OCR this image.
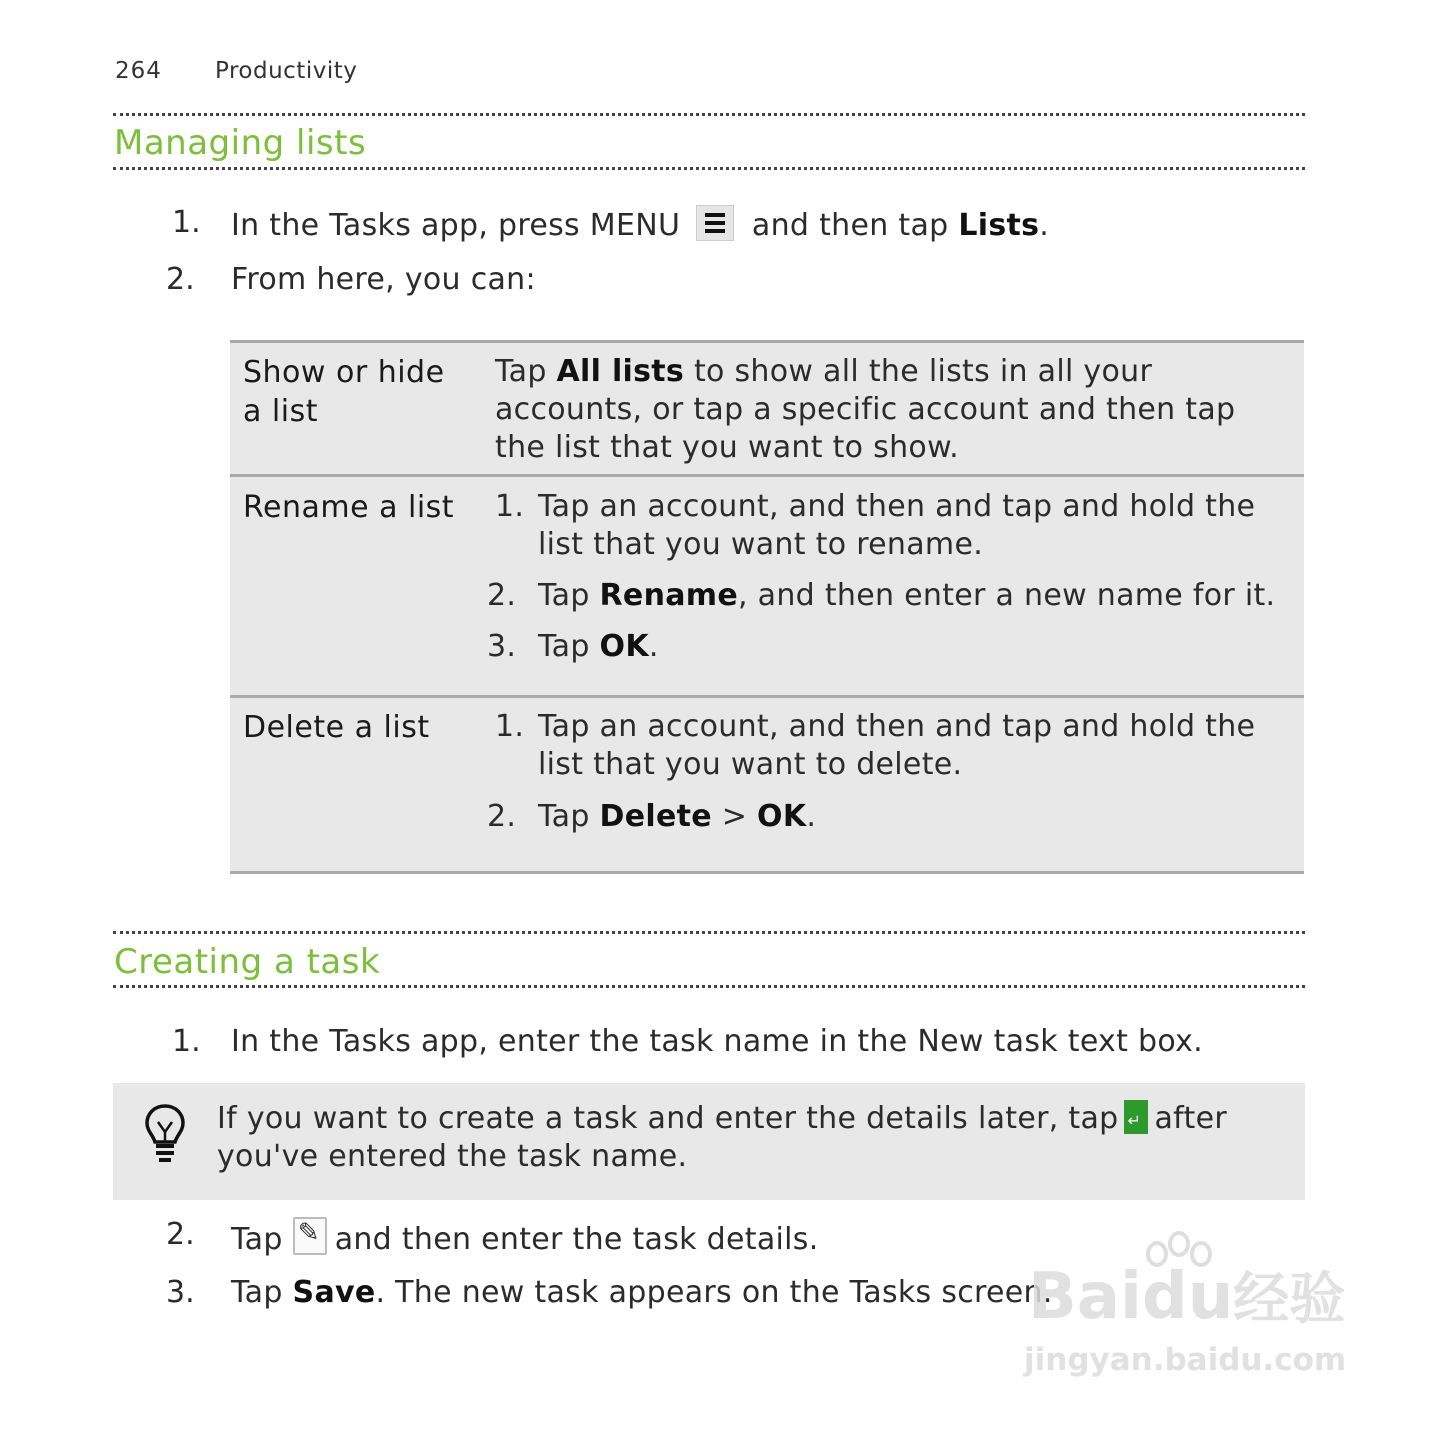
264 Productivity
Managing lists
1. In the Tasks app, press MENU and then tap Lists.
2. From here, you can:
Show or hide
a list
Tap All lists to show all the lists in all your
accounts, or tap a specific account and then tap
the list that you want to show.
Rename a list 1. Tap an account, and then and tap and hold the
list that you want to rename.
2. Tap Rename, and then enter a new name for it.
3. Tap OK.
Delete a list 1. Tap an account, and then and tap and hold the
list that you want to delete.
2. Tap Delete > OK.
Creating a task
1. In the Tasks app, enter the task name in the New task text box.
If you want to create a task and enter the details later, tap ↵ after
you've entered the task name.
2. Tap ✎ and then enter the task details.
3. Tap Save. The new task appears on the Tasks screen.
Baidu经验
jingyan.baidu.com
